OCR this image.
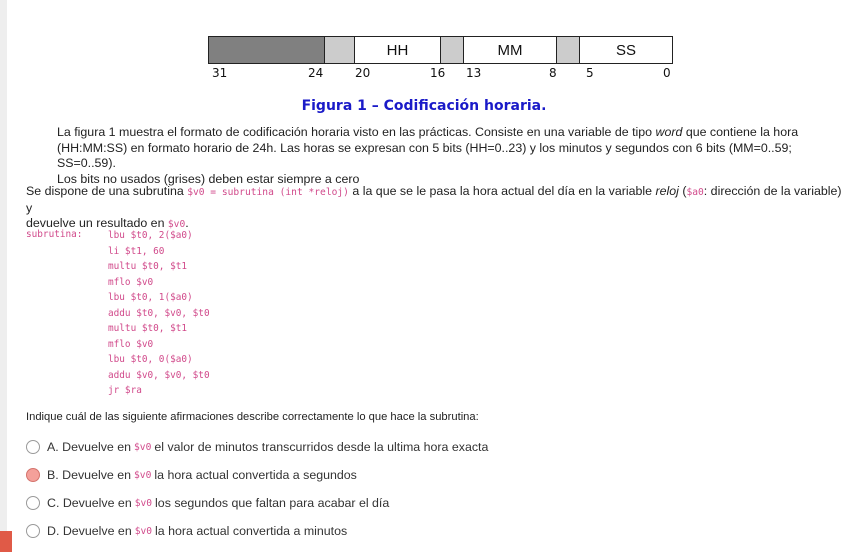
HH	MM	SS
31	24	20	16 13	8 5	0
Figura 1 – Codificación horaria.
La figura 1 muestra el formato de codificación horaria visto en las prácticas. Consiste en una variable de tipo word que contiene la hora
(HH:MM:SS) en formato horario de 24h. Las horas se expresan con 5 bits (HH=0..23) y los minutos y segundos con 6 bits (MM=0..59; SS=0..59).
Los bits no usados (grises) deben estar siempre a cero
Se dispone de una subrutina $v0 = subrutina (int *reloj) a la que se le pasa la hora actual del día en la variable reloj ($a0: dirección de la variable) y
devuelve un resultado en $v0.
subrutina:	lbu $t0, 2($a0)
li $t1, 60
multu $t0, $t1
mflo $v0
lbu $t0, 1($a0)
addu $t0, $v0, $t0
multu $t0, $t1
mflo $v0
lbu $t0, 0($a0)
addu $v0, $v0, $t0
jr $ra
Indique cuál de las siguiente afirmaciones describe correctamente lo que hace la subrutina:
A. Devuelve en $v0 el valor de minutos transcurridos desde la ultima hora exacta
B. Devuelve en $v0 la hora actual convertida a segundos
C. Devuelve en $v0 los segundos que faltan para acabar el día
D. Devuelve en $v0 la hora actual convertida a minutos
